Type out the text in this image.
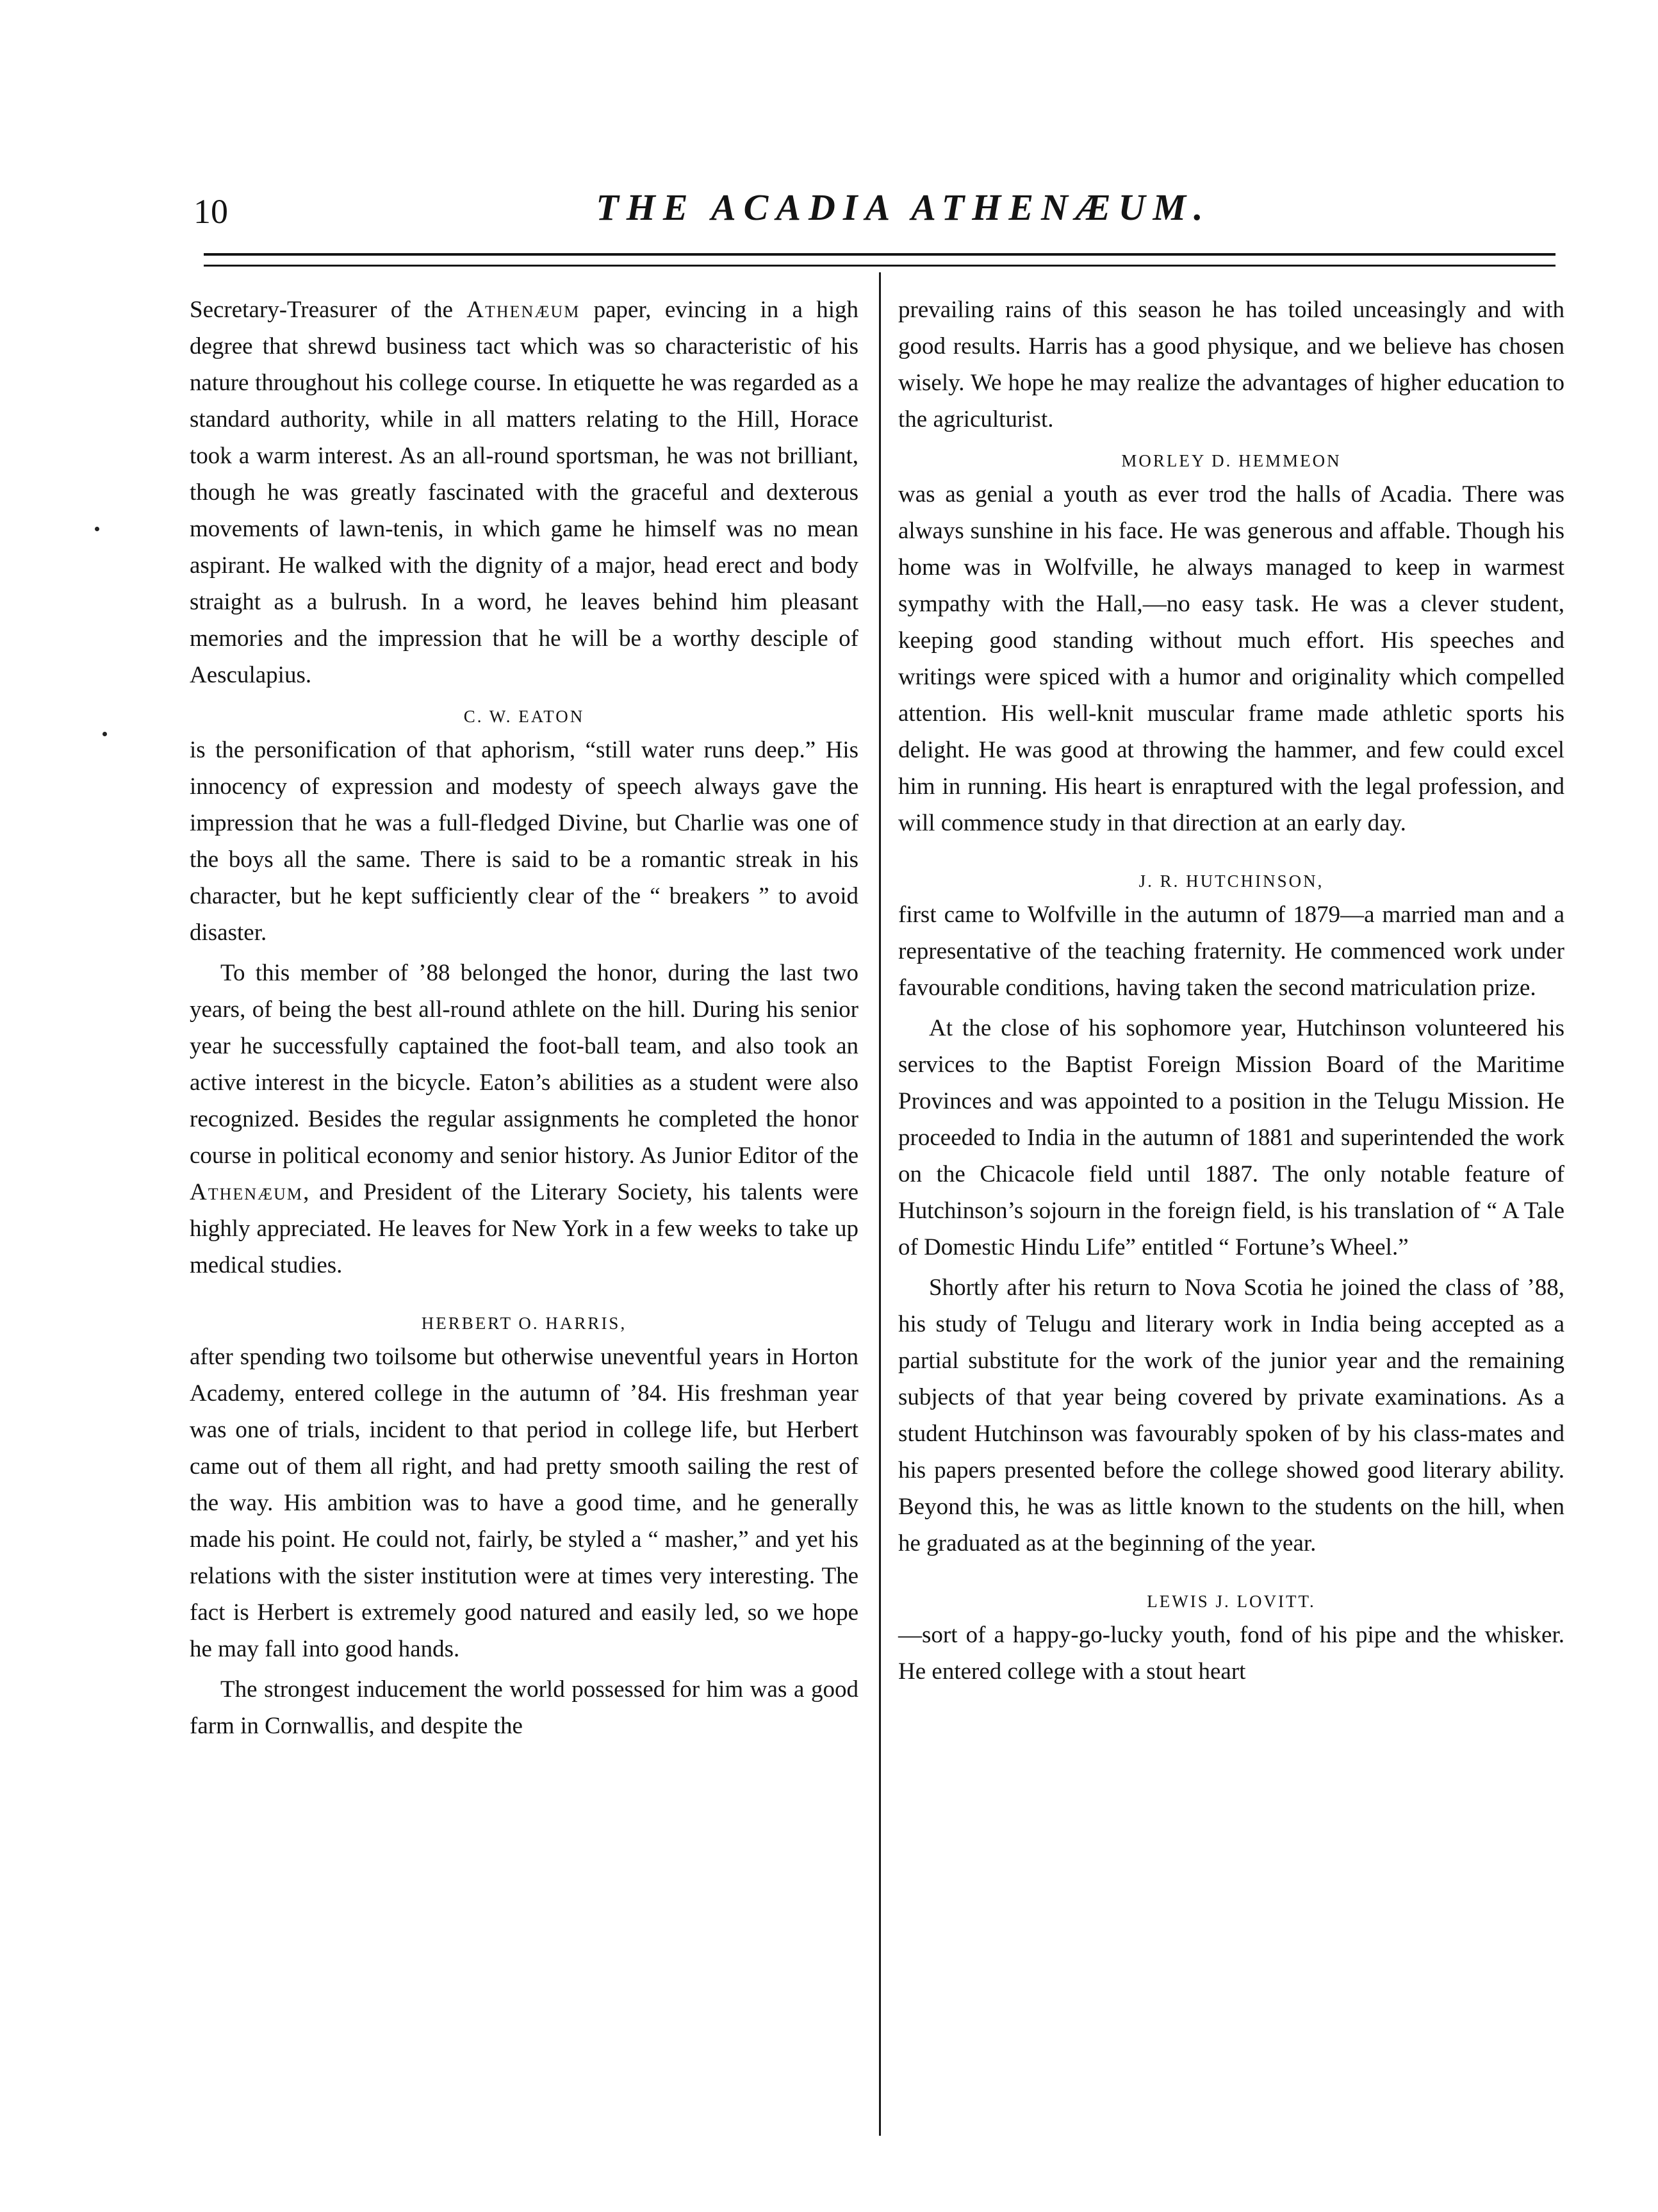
10	THE ACADIA ATHENÆUM.

Secretary-Treasurer of the Athenæum paper, evincing in a high degree that shrewd business tact which was so characteristic of his nature throughout his college course. In etiquette he was regarded as a standard authority, while in all matters relating to the Hill, Horace took a warm interest. As an all-round sportsman, he was not brilliant, though he was greatly fascinated with the graceful and dexterous movements of lawn-tenis, in which game he himself was no mean aspirant. He walked with the dignity of a major, head erect and body straight as a bulrush. In a word, he leaves behind him pleasant memories and the impression that he will be a worthy desciple of Aesculapius.

C. W. EATON

is the personification of that aphorism, “still water runs deep.” His innocency of expression and modesty of speech always gave the impression that he was a full-fledged Divine, but Charlie was one of the boys all the same. There is said to be a romantic streak in his character, but he kept sufficiently clear of the “ breakers ” to avoid disaster.

To this member of ’88 belonged the honor, during the last two years, of being the best all-round athlete on the hill. During his senior year he successfully captained the foot-ball team, and also took an active interest in the bicycle. Eaton’s abilities as a student were also recognized. Besides the regular assignments he completed the honor course in political economy and senior history. As Junior Editor of the Athenæum, and President of the Literary Society, his talents were highly appreciated. He leaves for New York in a few weeks to take up medical studies.

HERBERT O. HARRIS,

after spending two toilsome but otherwise uneventful years in Horton Academy, entered college in the autumn of ’84. His freshman year was one of trials, incident to that period in college life, but Herbert came out of them all right, and had pretty smooth sailing the rest of the way. His ambition was to have a good time, and he generally made his point. He could not, fairly, be styled a “ masher,” and yet his relations with the sister institution were at times very interesting. The fact is Herbert is extremely good natured and easily led, so we hope he may fall into good hands.

The strongest inducement the world possessed for him was a good farm in Cornwallis, and despite the

prevailing rains of this season he has toiled unceasingly and with good results. Harris has a good physique, and we believe has chosen wisely. We hope he may realize the advantages of higher education to the agriculturist.

MORLEY D. HEMMEON

was as genial a youth as ever trod the halls of Acadia. There was always sunshine in his face. He was generous and affable. Though his home was in Wolfville, he always managed to keep in warmest sympathy with the Hall,—no easy task. He was a clever student, keeping good standing without much effort. His speeches and writings were spiced with a humor and originality which compelled attention. His well-knit muscular frame made athletic sports his delight. He was good at throwing the hammer, and few could excel him in running. His heart is enraptured with the legal profession, and will commence study in that direction at an early day.

J. R. HUTCHINSON,

first came to Wolfville in the autumn of 1879—a married man and a representative of the teaching fraternity. He commenced work under favourable conditions, having taken the second matriculation prize.

At the close of his sophomore year, Hutchinson volunteered his services to the Baptist Foreign Mission Board of the Maritime Provinces and was appointed to a position in the Telugu Mission. He proceeded to India in the autumn of 1881 and superintended the work on the Chicacole field until 1887. The only notable feature of Hutchinson’s sojourn in the foreign field, is his translation of “ A Tale of Domestic Hindu Life” entitled “ Fortune’s Wheel.”

Shortly after his return to Nova Scotia he joined the class of ’88, his study of Telugu and literary work in India being accepted as a partial substitute for the work of the junior year and the remaining subjects of that year being covered by private examinations. As a student Hutchinson was favourably spoken of by his class-mates and his papers presented before the college showed good literary ability. Beyond this, he was as little known to the students on the hill, when he graduated as at the beginning of the year.

LEWIS J. LOVITT.

—sort of a happy-go-lucky youth, fond of his pipe and the whisker. He entered college with a stout heart
